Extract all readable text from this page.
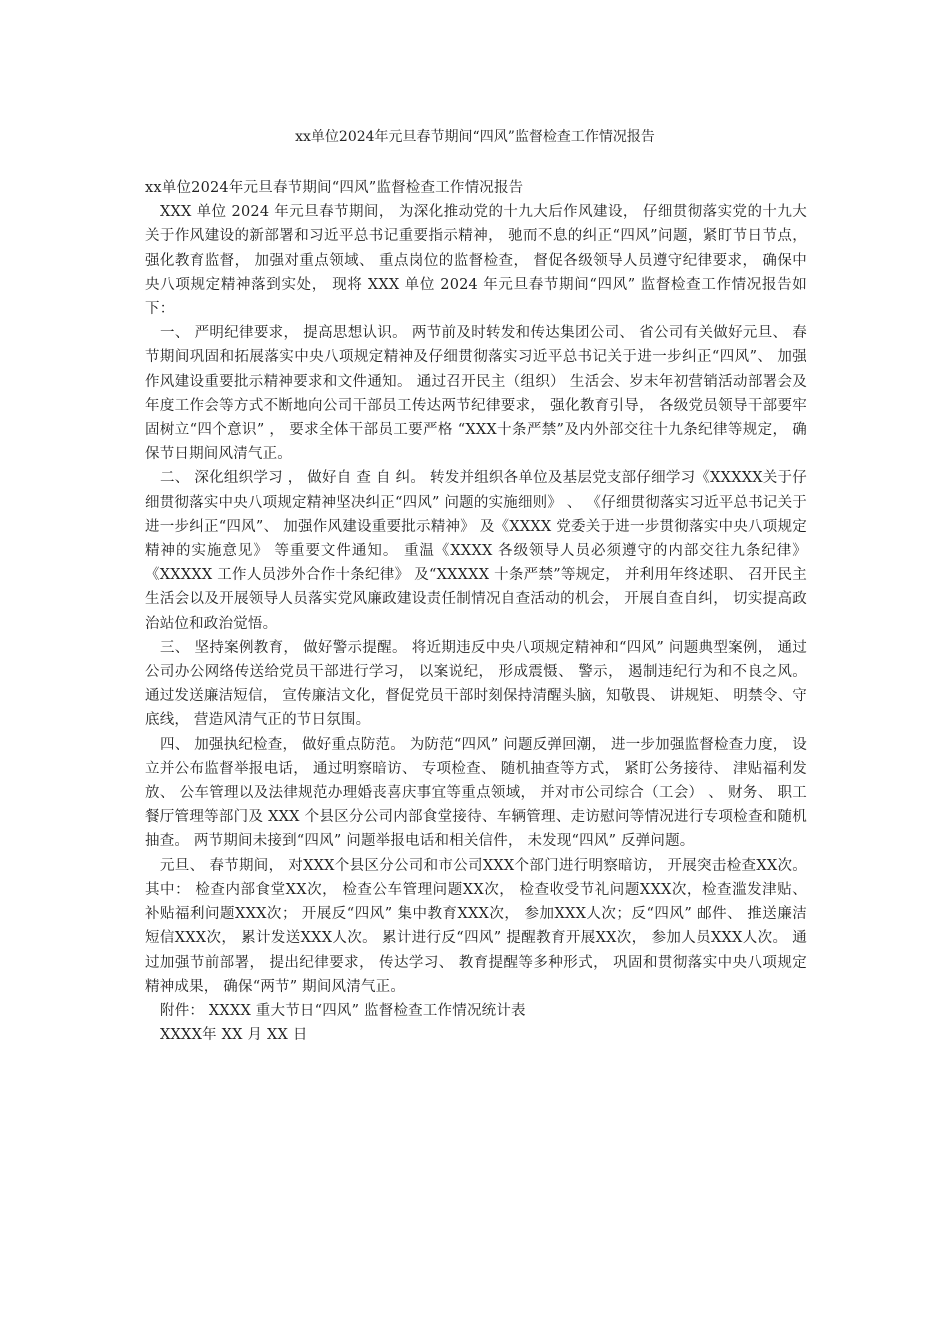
xx单位2024年元旦春节期间“四风”监督检查工作情况报告

xx单位2024年元旦春节期间“四风”监督检查工作情况报告

XXX 单位 2024 年元旦春节期间， 为深化推动党的十九大后作风建设， 仔细贯彻落实党的十九大关于作风建设的新部署和习近平总书记重要指示精神， 驰而不息的纠正“四风”问题，紧盯节日节点， 强化教育监督， 加强对重点领域、 重点岗位的监督检查， 督促各级领导人员遵守纪律要求， 确保中央八项规定精神落到实处， 现将 XXX 单位 2024 年元旦春节期间“四风” 监督检查工作情况报告如下：

一、 严明纪律要求， 提高思想认识。 两节前及时转发和传达集团公司、 省公司有关做好元旦、 春节期间巩固和拓展落实中央八项规定精神及仔细贯彻落实习近平总书记关于进一步纠正“四风”、 加强作风建设重要批示精神要求和文件通知。 通过召开民主（组织） 生活会、岁末年初营销活动部署会及年度工作会等方式不断地向公司干部员工传达两节纪律要求， 强化教育引导， 各级党员领导干部要牢固树立“四个意识” ， 要求全体干部员工要严格 “XXX十条严禁”及内外部交往十九条纪律等规定， 确保节日期间风清气正。

二、 深化组织学习 ， 做好自 查 自 纠。 转发并组织各单位及基层党支部仔细学习《XXXXX关于仔细贯彻落实中央八项规定精神坚决纠正“四风” 问题的实施细则》 、 《仔细贯彻落实习近平总书记关于进一步纠正“四风”、 加强作风建设重要批示精神》 及《XXXX 党委关于进一步贯彻落实中央八项规定精神的实施意见》 等重要文件通知。 重温《XXXX 各级领导人员必须遵守的内部交往九条纪律》 《XXXXX 工作人员涉外合作十条纪律》 及“XXXXX 十条严禁”等规定， 并利用年终述职、 召开民主生活会以及开展领导人员落实党风廉政建设责任制情况自查活动的机会， 开展自查自纠， 切实提高政治站位和政治觉悟。

三、 坚持案例教育， 做好警示提醒。 将近期违反中央八项规定精神和“四风” 问题典型案例， 通过公司办公网络传送给党员干部进行学习， 以案说纪， 形成震慑、 警示， 遏制违纪行为和不良之风。 通过发送廉洁短信， 宣传廉洁文化，督促党员干部时刻保持清醒头脑，知敬畏、 讲规矩、 明禁令、守底线， 营造风清气正的节日氛围。

四、 加强执纪检查， 做好重点防范。 为防范“四风” 问题反弹回潮， 进一步加强监督检查力度， 设立并公布监督举报电话， 通过明察暗访、 专项检查、 随机抽查等方式， 紧盯公务接待、 津贴福利发放、 公车管理以及法律规范办理婚丧喜庆事宜等重点领域， 并对市公司综合（工会） 、 财务、 职工餐厅管理等部门及 XXX 个县区分公司内部食堂接待、车辆管理、走访慰问等情况进行专项检查和随机抽查。 两节期间未接到“四风” 问题举报电话和相关信件， 未发现“四风” 反弹问题。

元旦、 春节期间， 对XXX个县区分公司和市公司XXX个部门进行明察暗访， 开展突击检查XX次。 其中： 检查内部食堂XX次， 检查公车管理问题XX次， 检查收受节礼问题XXX次，检查滥发津贴、 补贴福利问题XXX次； 开展反“四风” 集中教育XXX次， 参加XXX人次；反“四风” 邮件、 推送廉洁短信XXX次， 累计发送XXX人次。 累计进行反“四风” 提醒教育开展XX次， 参加人员XXX人次。 通过加强节前部署， 提出纪律要求， 传达学习、 教育提醒等多种形式， 巩固和贯彻落实中央八项规定精神成果， 确保“两节” 期间风清气正。

附件： XXXX 重大节日“四风” 监督检查工作情况统计表

XXXX年 XX 月 XX 日
